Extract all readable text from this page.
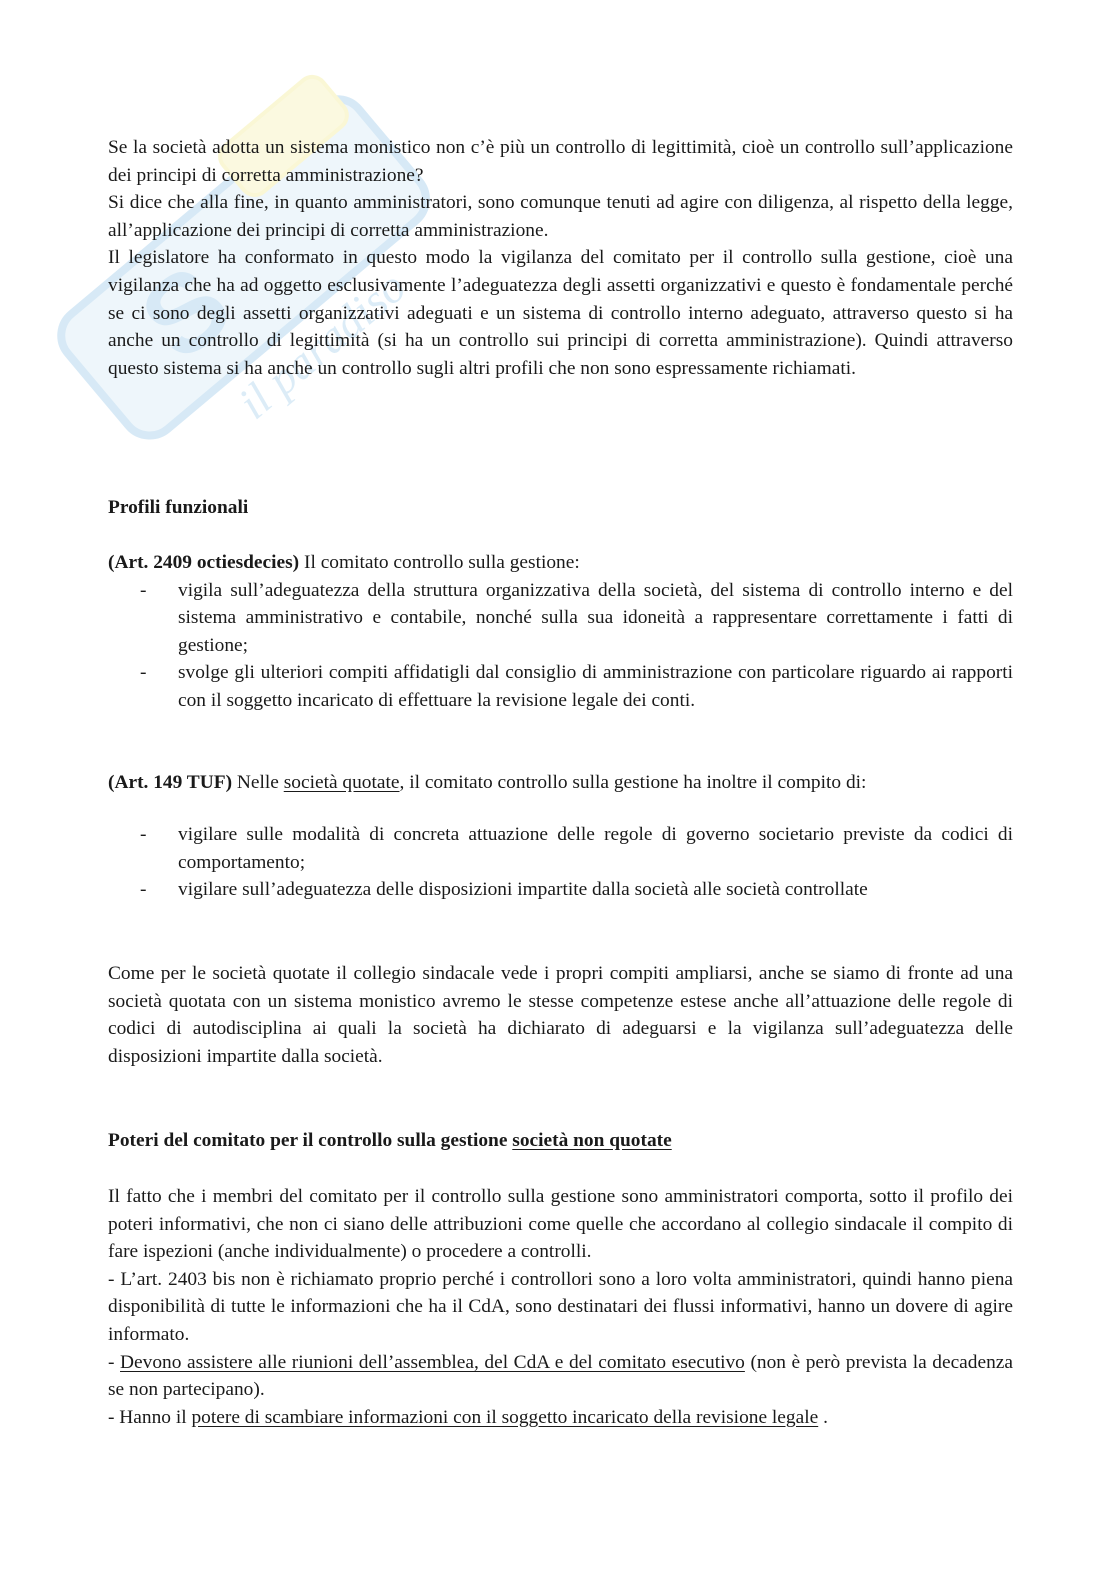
S
il paradiso

Se la società adotta un sistema monistico non c’è più un controllo di legittimità, cioè un controllo sull’applicazione dei principi di corretta amministrazione?

Si dice che alla fine, in quanto amministratori, sono comunque tenuti ad agire con diligenza, al rispetto della legge, all’applicazione dei principi di corretta amministrazione.

Il legislatore ha conformato in questo modo la vigilanza del comitato per il controllo sulla gestione, cioè una vigilanza che ha ad oggetto esclusivamente l’adeguatezza degli assetti organizzativi e questo è fondamentale perché se ci sono degli assetti organizzativi adeguati e un sistema di controllo interno adeguato, attraverso questo si ha anche un controllo di legittimità (si ha un controllo sui principi di corretta amministrazione). Quindi attraverso questo sistema si ha anche un controllo sugli altri profili che non sono espressamente richiamati.

Profili funzionali

(Art. 2409 octiesdecies) Il comitato controllo sulla gestione:

- vigila sull’adeguatezza della struttura organizzativa della società, del sistema di controllo interno e del sistema amministrativo e contabile, nonché sulla sua idoneità a rappresentare correttamente i fatti di gestione;
- svolge gli ulteriori compiti affidatigli dal consiglio di amministrazione con particolare riguardo ai rapporti con il soggetto incaricato di effettuare la revisione legale dei conti.

(Art. 149 TUF) Nelle società quotate, il comitato controllo sulla gestione ha inoltre il compito di:

- vigilare sulle modalità di concreta attuazione delle regole di governo societario previste da codici di comportamento;
- vigilare sull’adeguatezza delle disposizioni impartite dalla società alle società controllate

Come per le società quotate il collegio sindacale vede i propri compiti ampliarsi, anche se siamo di fronte ad una società quotata con un sistema monistico avremo le stesse competenze estese anche all’attuazione delle regole di codici di autodisciplina ai quali la società ha dichiarato di adeguarsi e la vigilanza sull’adeguatezza delle disposizioni impartite dalla società.

Poteri del comitato per il controllo sulla gestione società non quotate

Il fatto che i membri del comitato per il controllo sulla gestione sono amministratori comporta, sotto il profilo dei poteri informativi, che non ci siano delle attribuzioni come quelle che accordano al collegio sindacale il compito di fare ispezioni (anche individualmente) o procedere a controlli.

- L’art. 2403 bis non è richiamato proprio perché i controllori sono a loro volta amministratori, quindi hanno piena disponibilità di tutte le informazioni che ha il CdA, sono destinatari dei flussi informativi, hanno un dovere di agire informato.

- Devono assistere alle riunioni dell’assemblea, del CdA e del comitato esecutivo (non è però prevista la decadenza se non partecipano).

- Hanno il potere di scambiare informazioni con il soggetto incaricato della revisione legale .
